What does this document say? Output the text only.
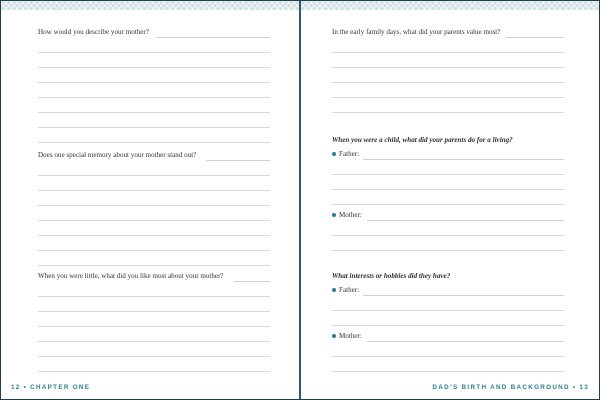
How would you describe your mother?
Does one special memory about your mother stand out?
When you were little, what did you like most about your mother?
12 • CHAPTER ONE
In the early family days, what did your parents value most?
When you were a child, what did your parents do for a living?
Father:
Mother:
What interests or hobbies did they have?
Father:
Mother:
DAD’S BIRTH AND BACKGROUND • 13
